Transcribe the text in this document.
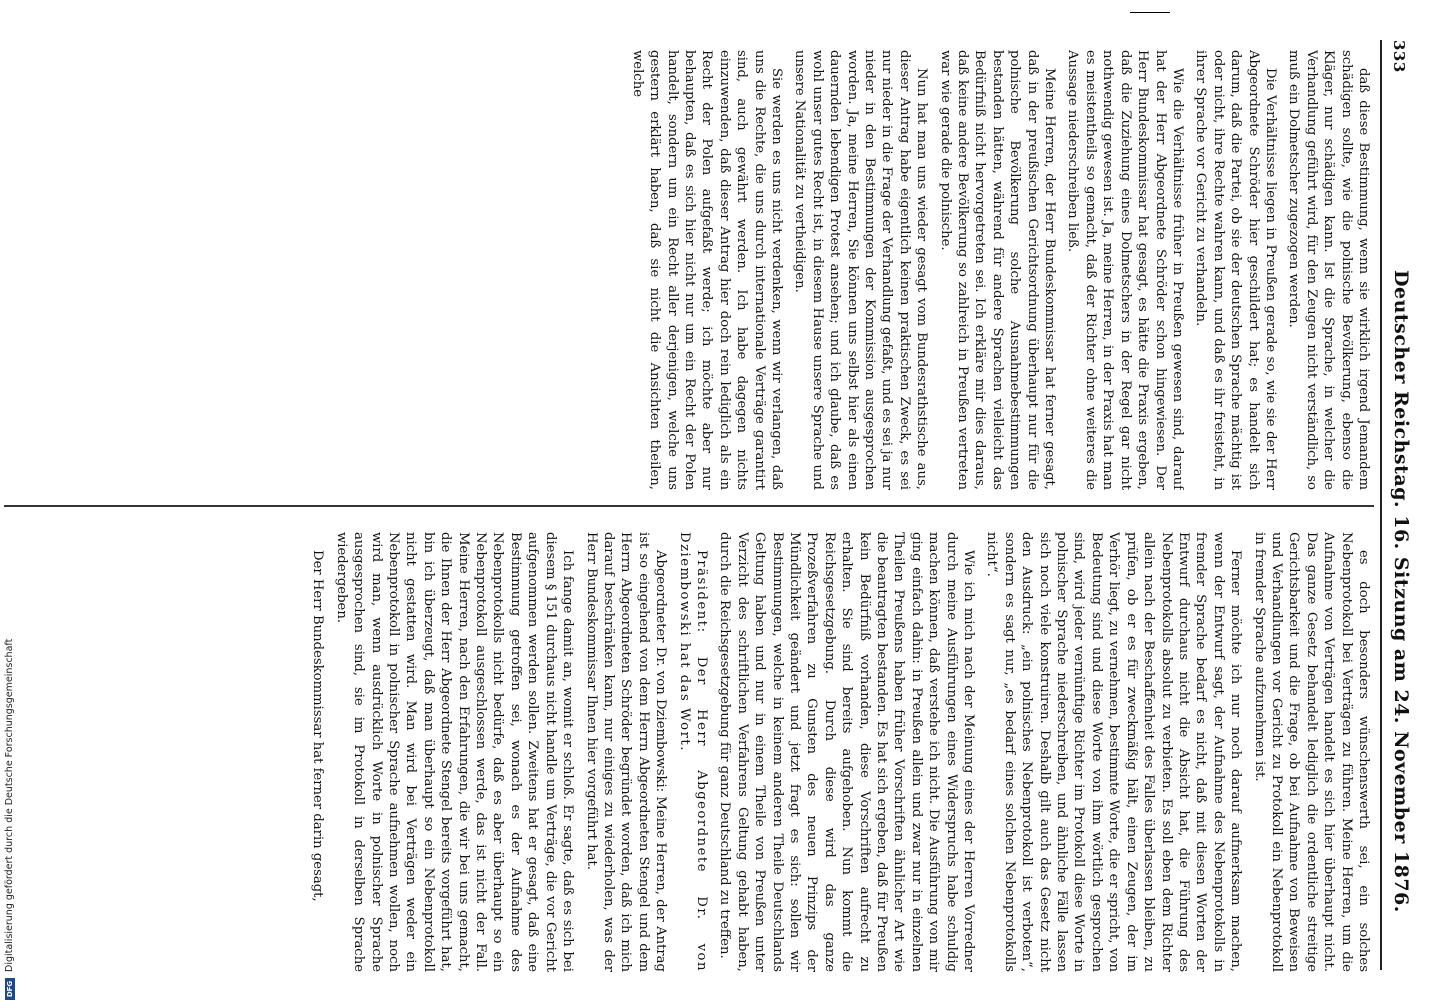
333
Deutscher Reichstag. 16. Sitzung am 24. November 1876.

daß diese Bestimmung, wenn sie wirklich irgend Jemandem schädigen sollte, wie die polnische Bevölkerung, ebenso die Kläger, nur schädigen kann. Ist die Sprache, in welcher die Verhandlung geführt wird, für den Zeugen nicht verständlich, so muß ein Dolmetscher zugezogen werden.

Die Verhältnisse liegen in Preußen gerade so, wie sie der Herr Abgeordnete Schröder hier geschildert hat; es handelt sich darum, daß die Partei, ob sie der deutschen Sprache mächtig ist oder nicht, ihre Rechte wahren kann, und daß es ihr freisteht, in ihrer Sprache vor Gericht zu verhandeln.

Wie die Verhältnisse früher in Preußen gewesen sind, darauf hat der Herr Abgeordnete Schröder schon hingewiesen. Der Herr Bundeskommissar hat gesagt, es hätte die Praxis ergeben, daß die Zuziehung eines Dolmetschers in der Regel gar nicht nothwendig gewesen ist. Ja, meine Herren, in der Praxis hat man es meistentheils so gemacht, daß der Richter ohne weiteres die Aussage niederschreiben ließ.

Meine Herren, der Herr Bundeskommissar hat ferner gesagt, daß in der preußischen Gerichtsordnung überhaupt nur für die polnische Bevölkerung solche Ausnahmebestimmungen bestanden hätten, während für andere Sprachen vielleicht das Bedürfniß nicht hervorgetreten sei. Ich erkläre mir dies daraus, daß keine andere Bevölkerung so zahlreich in Preußen vertreten war wie gerade die polnische.

Nun hat man uns wieder gesagt vom Bundesrathstische aus, dieser Antrag habe eigentlich keinen praktischen Zweck, es sei nur nieder in die Frage der Verhandlung gefaßt, und es sei ja nur nieder in den Bestimmungen der Kommission ausgesprochen worden. Ja, meine Herren, Sie können uns selbst hier als einen dauernden lebendigen Protest ansehen; und ich glaube, daß es wohl unser gutes Recht ist, in diesem Hause unsere Sprache und unsere Nationalität zu vertheidigen.

Sie werden es uns nicht verdenken, wenn wir verlangen, daß uns die Rechte, die uns durch internationale Verträge garantirt sind, auch gewährt werden. Ich habe dagegen nichts einzuwenden, daß dieser Antrag hier doch rein lediglich als ein Recht der Polen aufgefaßt werde; ich möchte aber nur behaupten, daß es sich hier nicht nur um ein Recht der Polen handelt, sondern um ein Recht aller derjenigen, welche uns gestern erklärt haben, daß sie nicht die Ansichten theilen, welche

es doch besonders wünschenswerth sei, ein solches Nebenprotokoll bei Verträgen zu führen. Meine Herren, um die Aufnahme von Verträgen handelt es sich hier überhaupt nicht. Das ganze Gesetz behandelt lediglich die ordentliche streitige Gerichtsbarkeit und die Frage, ob bei Aufnahme von Beweisen und Verhandlungen vor Gericht zu Protokoll ein Nebenprotokoll in fremder Sprache aufzunehmen ist.

Ferner möchte ich nur noch darauf aufmerksam machen, wenn der Entwurf sagt, der Aufnahme des Nebenprotokolls in fremder Sprache bedarf es nicht, daß mit diesen Worten der Entwurf durchaus nicht die Absicht hat, die Führung des Nebenprotokolls absolut zu verbieten. Es soll eben dem Richter allein nach der Beschaffenheit des Falles überlassen bleiben, zu prüfen, ob er es für zweckmäßig hält, einen Zeugen, der im Verhör liegt, zu vernehmen, bestimmte Worte, die er spricht, von Bedeutung sind und diese Worte von ihm wörtlich gesprochen sind, wird jeder vernünftige Richter im Protokoll diese Worte in polnischer Sprache niederschreiben, und ähnliche Fälle lassen sich noch viele konstruiren. Deshalb gilt auch das Gesetz nicht den Ausdruck: „ein polnisches Nebenprotokoll ist verboten“, sondern es sagt nur, „es bedarf eines solchen Nebenprotokolls nicht“.

Wie ich mich nach der Meinung eines der Herren Vorredner durch meine Ausführungen eines Widerspruchs habe schuldig machen können, daß verstehe ich nicht. Die Ausführung von mir ging einfach dahin: in Preußen allein und zwar nur in einzelnen Theilen Preußens haben früher Vorschriften ähnlicher Art wie die beantragten bestanden. Es hat sich ergeben, daß für Preußen kein Bedürfniß vorhanden, diese Vorschriften aufrecht zu erhalten. Sie sind bereits aufgehoben. Nun kommt die Reichsgesetzgebung. Durch diese wird das ganze Prozeßverfahren zu Gunsten des neuen Prinzips der Mündlichkeit geändert und jetzt fragt es sich: sollen wir Bestimmungen, welche in keinem anderen Theile Deutschlands Geltung haben und nur in einem Theile von Preußen unter Verzicht des schriftlichen Verfahrens Geltung gehabt haben, durch die Reichsgesetzgebung für ganz Deutschland zu treffen.

Präsident: Der Herr Abgeordnete Dr. von Dziembowski hat das Wort.

Abgeordneter Dr. von Dziembowski: Meine Herren, der Antrag ist so eingehend von dem Herrn Abgeordneten Stengel und dem Herrn Abgeordneten Schröder begründet worden, daß ich mich darauf beschränken kann, nur einiges zu wiederholen, was der Herr Bundeskommissar Ihnen hier vorgeführt hat.

Ich fange damit an, womit er schloß. Er sagte, daß es sich bei diesem § 151 durchaus nicht handle um Verträge, die vor Gericht aufgenommen werden sollen. Zweitens hat er gesagt, daß eine Bestimmung getroffen sei, wonach es der Aufnahme des Nebenprotokolls nicht bedürfe, daß es aber überhaupt so ein Nebenprotokoll ausgeschlossen werde, das ist nicht der Fall. Meine Herren, nach den Erfahrungen, die wir bei uns gemacht, die Ihnen der Herr Abgeordnete Stengel bereits vorgeführt hat, bin ich überzeugt, daß man überhaupt so ein Nebenprotokoll nicht gestatten wird. Man wird bei Verträgen weder ein Nebenprotokoll in polnischer Sprache aufnehmen wollen, noch wird man, wenn ausdrücklich Worte in polnischer Sprache ausgesprochen sind, sie im Protokoll in derselben Sprache wiedergeben.

Der Herr Bundeskommissar hat ferner darin gesagt,

DFGDigitalisierung gefördert durch die Deutsche Forschungsgemeinschaft
